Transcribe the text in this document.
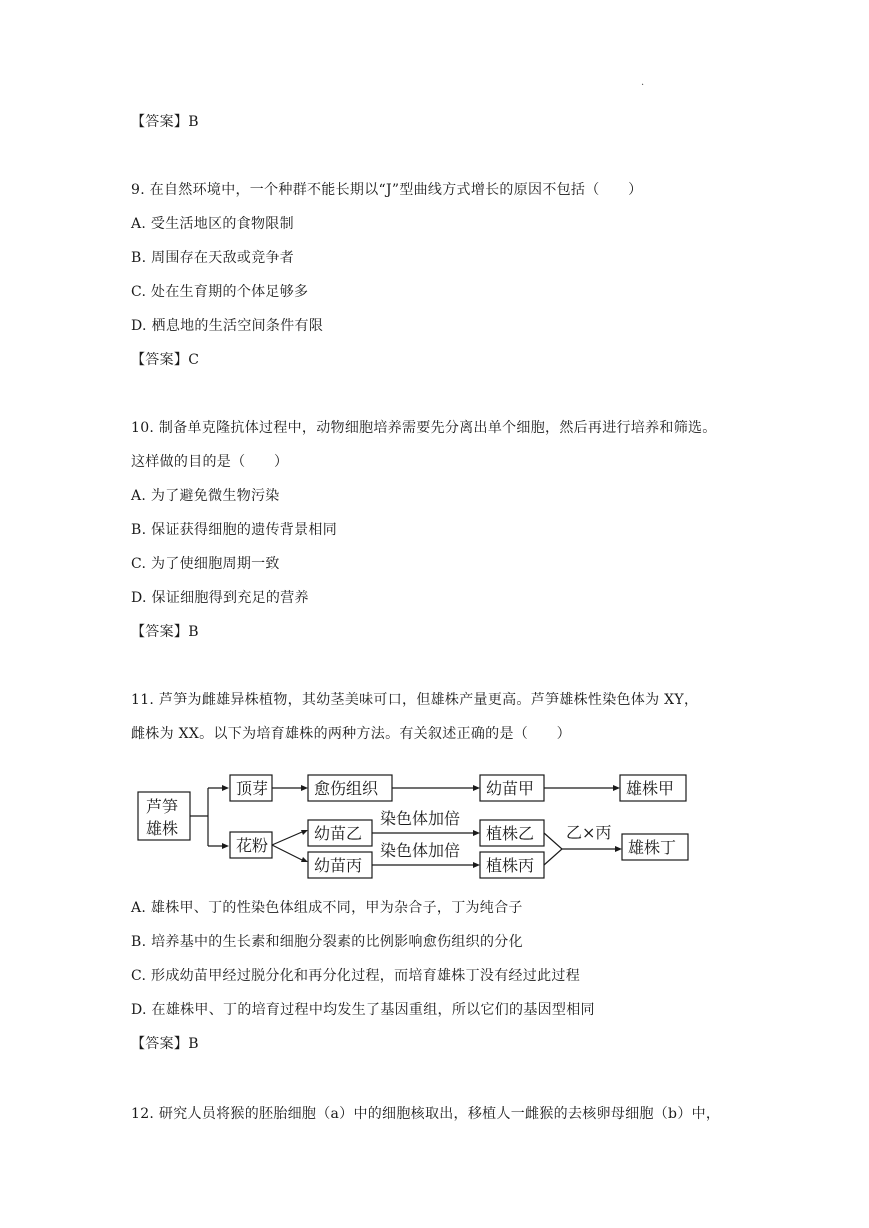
·
【答案】B
9. 在自然环境中，一个种群不能长期以“J”型曲线方式增长的原因不包括（　　）
A. 受生活地区的食物限制
B. 周围存在天敌或竞争者
C. 处在生育期的个体足够多
D. 栖息地的生活空间条件有限
【答案】C
10. 制备单克隆抗体过程中，动物细胞培养需要先分离出单个细胞，然后再进行培养和筛选。
这样做的目的是（　　）
A. 为了避免微生物污染
B. 保证获得细胞的遗传背景相同
C. 为了使细胞周期一致
D. 保证细胞得到充足的营养
【答案】B
11. 芦笋为雌雄异株植物，其幼茎美味可口，但雄株产量更高。芦笋雄株性染色体为 XY，
雌株为 XX。以下为培育雄株的两种方法。有关叙述正确的是（　　）
芦笋
雄株
顶芽	愈伤组织	幼苗甲	雄株甲
花粉
幼苗乙
染色体加倍
植株乙
幼苗丙
染色体加倍
植株丙
乙×丙
雄株丁
A. 雄株甲、丁的性染色体组成不同，甲为杂合子，丁为纯合子
B. 培养基中的生长素和细胞分裂素的比例影响愈伤组织的分化
C. 形成幼苗甲经过脱分化和再分化过程，而培育雄株丁没有经过此过程
D. 在雄株甲、丁的培育过程中均发生了基因重组，所以它们的基因型相同
【答案】B
12. 研究人员将猴的胚胎细胞（a）中的细胞核取出，移植人一雌猴的去核卵母细胞（b）中，
